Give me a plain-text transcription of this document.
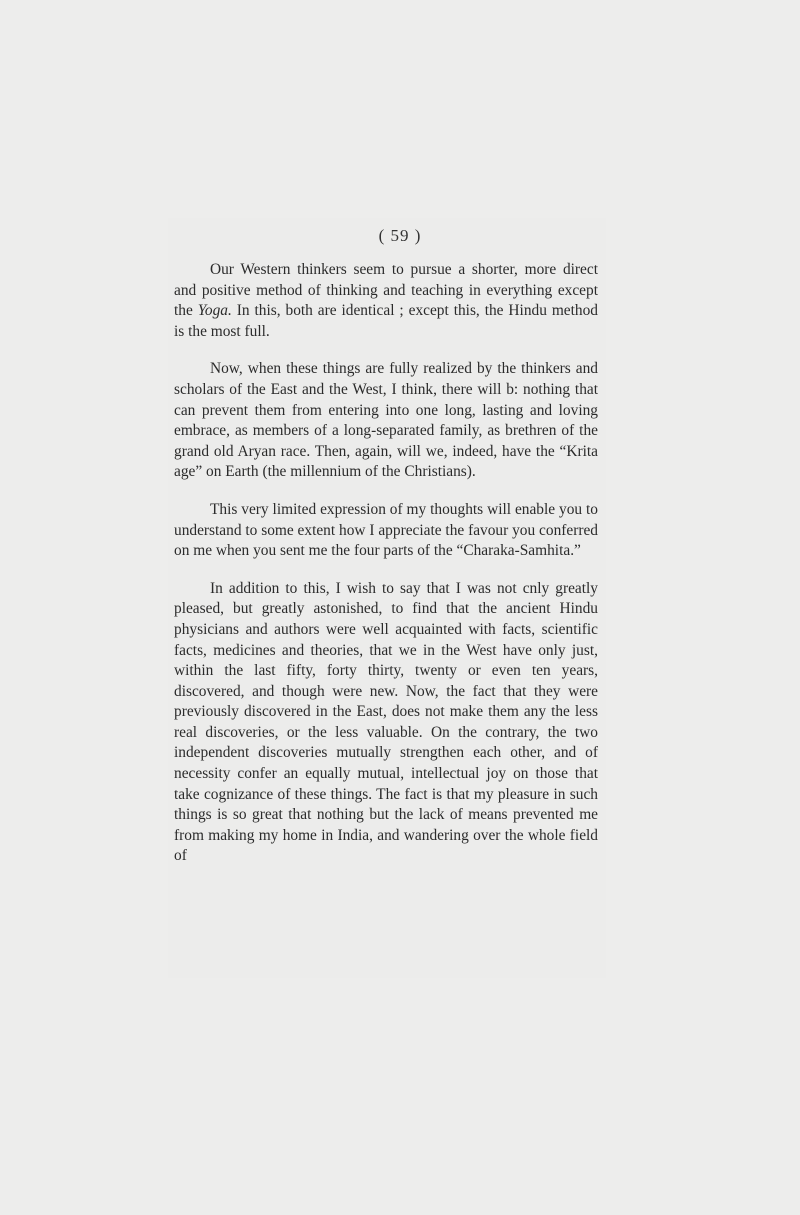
( 59 )

Our Western thinkers seem to pursue a shorter, more direct and positive method of thinking and teaching in everything except the Yoga. In this, both are identical ; except this, the Hindu method is the most full.

Now, when these things are fully realized by the thinkers and scholars of the East and the West, I think, there will b: nothing that can prevent them from entering into one long, lasting and loving embrace, as members of a long-separated family, as brethren of the grand old Aryan race. Then, again, will we, indeed, have the “Krita age” on Earth (the millennium of the Christians).

This very limited expression of my thoughts will enable you to understand to some extent how I appreciate the favour you conferred on me when you sent me the four parts of the “Charaka-Samhita.”

In addition to this, I wish to say that I was not cnly greatly pleased, but greatly astonished, to find that the ancient Hindu physicians and authors were well acquainted with facts, scientific facts, medicines and theories, that we in the West have only just, within the last fifty, forty thirty, twenty or even ten years, discovered, and though were new. Now, the fact that they were previously discovered in the East, does not make them any the less real discoveries, or the less valuable. On the contrary, the two independent discoveries mutually strengthen each other, and of necessity confer an equally mutual, intellectual joy on those that take cognizance of these things. The fact is that my pleasure in such things is so great that nothing but the lack of means prevented me from making my home in India, and wandering over the whole field of
